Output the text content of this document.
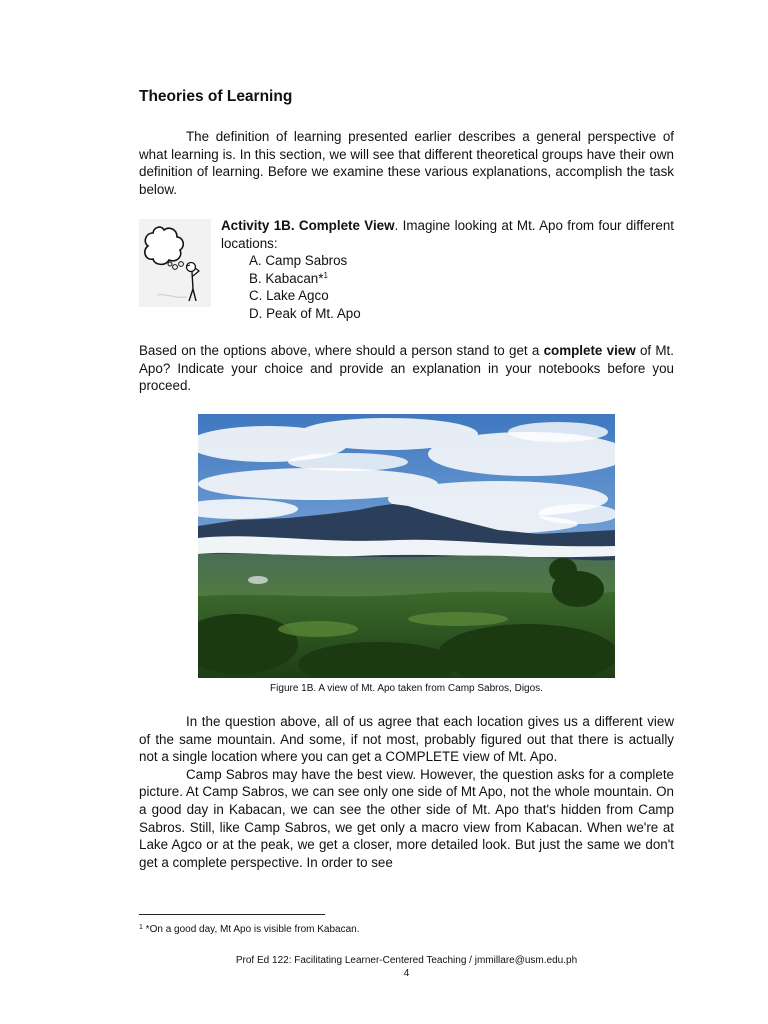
Theories of Learning

The definition of learning presented earlier describes a general perspective of what learning is. In this section, we will see that different theoretical groups have their own definition of learning. Before we examine these various explanations, accomplish the task below.

Activity 1B. Complete View. Imagine looking at Mt. Apo from four different locations:
A. Camp Sabros
B. Kabacan*$^1$
C. Lake Agco
D. Peak of Mt. Apo

Based on the options above, where should a person stand to get a complete view of Mt. Apo? Indicate your choice and provide an explanation in your notebooks before you proceed.

Figure 1B. A view of Mt. Apo taken from Camp Sabros, Digos.

In the question above, all of us agree that each location gives us a different view of the same mountain. And some, if not most, probably figured out that there is actually not a single location where you can get a COMPLETE view of Mt. Apo.

Camp Sabros may have the best view. However, the question asks for a complete picture. At Camp Sabros, we can see only one side of Mt Apo, not the whole mountain. On a good day in Kabacan, we can see the other side of Mt. Apo that's hidden from Camp Sabros. Still, like Camp Sabros, we get only a macro view from Kabacan. When we're at Lake Agco or at the peak, we get a closer, more detailed look. But just the same we don't get a complete perspective. In order to see

$^1$ *On a good day, Mt Apo is visible from Kabacan.
Prof Ed 122: Facilitating Learner-Centered Teaching / jmmillare@usm.edu.ph
4
